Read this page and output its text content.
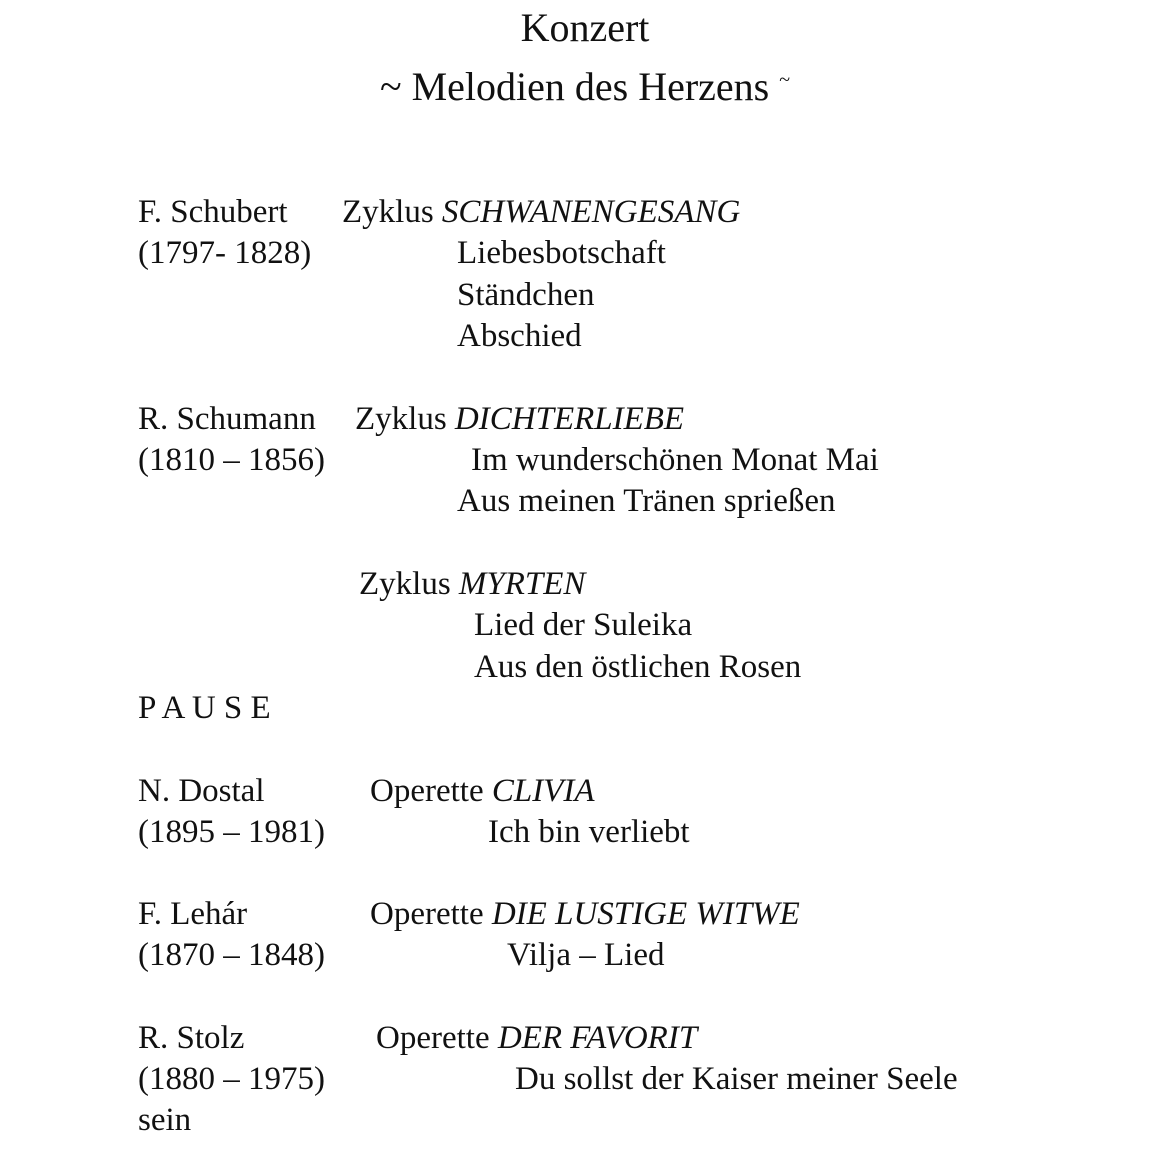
Konzert
~ Melodien des Herzens ~
F. Schubert Zyklus SCHWANENGESANG
(1797- 1828)	Liebesbotschaft
Ständchen
Abschied
R. Schumann Zyklus DICHTERLIEBE
(1810 – 1856)	Im wunderschönen Monat Mai
Aus meinen Tränen sprießen
Zyklus MYRTEN
Lied der Suleika
Aus den östlichen Rosen
P A U S E
N. Dostal	Operette CLIVIA
(1895 – 1981)	Ich bin verliebt
F. Lehár	Operette DIE LUSTIGE WITWE
(1870 – 1848)	Vilja – Lied
R. Stolz	Operette DER FAVORIT
(1880 – 1975)	Du sollst der Kaiser meiner Seele
sein
